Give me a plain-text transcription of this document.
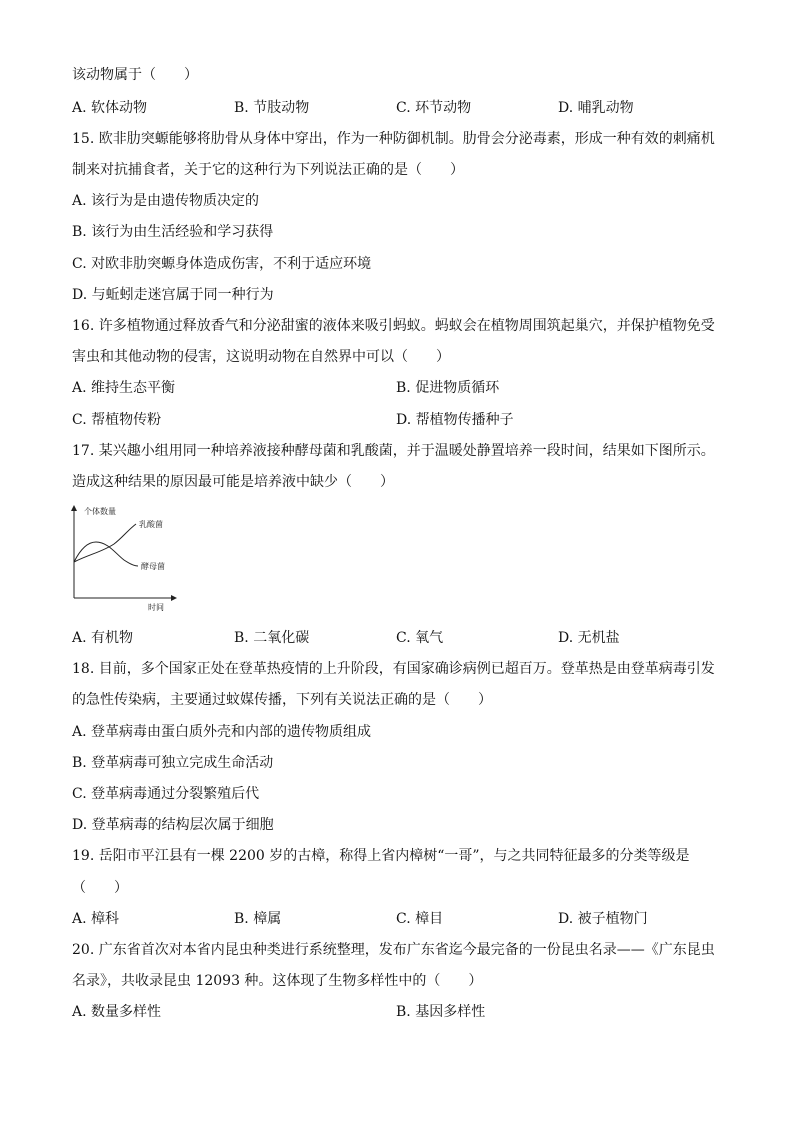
该动物属于（　　）
A. 软体动物	B. 节肢动物	C. 环节动物	D. 哺乳动物
15. 欧非肋突螈能够将肋骨从身体中穿出，作为一种防御机制。肋骨会分泌毒素，形成一种有效的刺痛机
制来对抗捕食者，关于它的这种行为下列说法正确的是（　　）
A. 该行为是由遗传物质决定的
B. 该行为由生活经验和学习获得
C. 对欧非肋突螈身体造成伤害，不利于适应环境
D. 与蚯蚓走迷宫属于同一种行为
16. 许多植物通过释放香气和分泌甜蜜的液体来吸引蚂蚁。蚂蚁会在植物周围筑起巢穴，并保护植物免受
害虫和其他动物的侵害，这说明动物在自然界中可以（　　）
A. 维持生态平衡	B. 促进物质循环
C. 帮植物传粉	D. 帮植物传播种子
17. 某兴趣小组用同一种培养液接种酵母菌和乳酸菌，并于温暖处静置培养一段时间，结果如下图所示。
造成这种结果的原因最可能是培养液中缺少（　　）
个体数量
时间
乳酸菌
酵母菌
A. 有机物	B. 二氧化碳	C. 氧气	D. 无机盐
18. 目前，多个国家正处在登革热疫情的上升阶段，有国家确诊病例已超百万。登革热是由登革病毒引发
的急性传染病，主要通过蚊媒传播，下列有关说法正确的是（　　）
A. 登革病毒由蛋白质外壳和内部的遗传物质组成
B. 登革病毒可独立完成生命活动
C. 登革病毒通过分裂繁殖后代
D. 登革病毒的结构层次属于细胞
19. 岳阳市平江县有一棵 2200 岁的古樟，称得上省内樟树“一哥”，与之共同特征最多的分类等级是
（　　）
A. 樟科	B. 樟属	C. 樟目	D. 被子植物门
20. 广东省首次对本省内昆虫种类进行系统整理，发布广东省迄今最完备的一份昆虫名录——《广东昆虫
名录》，共收录昆虫 12093 种。这体现了生物多样性中的（　　）
A. 数量多样性	B. 基因多样性
